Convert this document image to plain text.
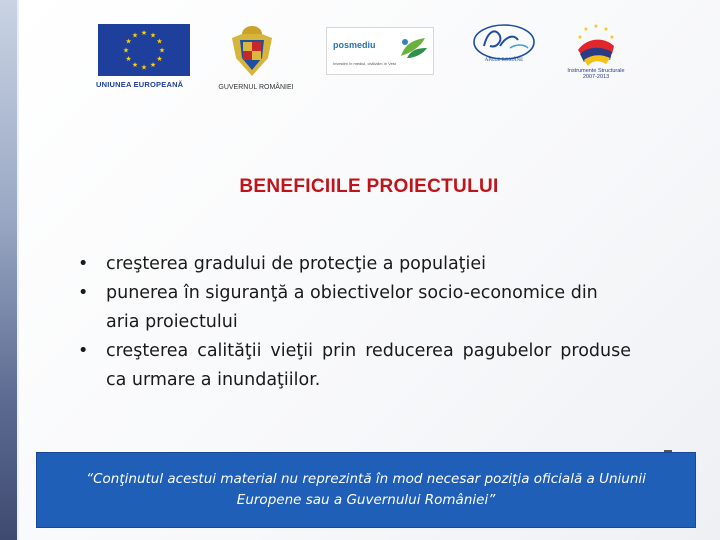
★ ★
★
★
★
★
★
★
★
★
★
★
UNIUNEA EUROPEANĂ	GUVERNUL ROMÂNIEI
posmediu
Investim în mediul, civilizăm în Vest
APELE ROMÂNE
★ ★
★
★
★
Instrumente Structurale 2007-2013
BENEFICIILE PROIECTULUI
• creşterea gradului de protecţie a populaţiei
• punerea în siguranţă a obiectivelor socio-economice din aria proiectului
• creşterea calităţii vieţii prin reducerea pagubelor produse ca urmare a inundaţiilor.
“Conţinutul acestui material nu reprezintă în mod necesar poziţia oficială a Uniunii Europene sau a Guvernului României”
